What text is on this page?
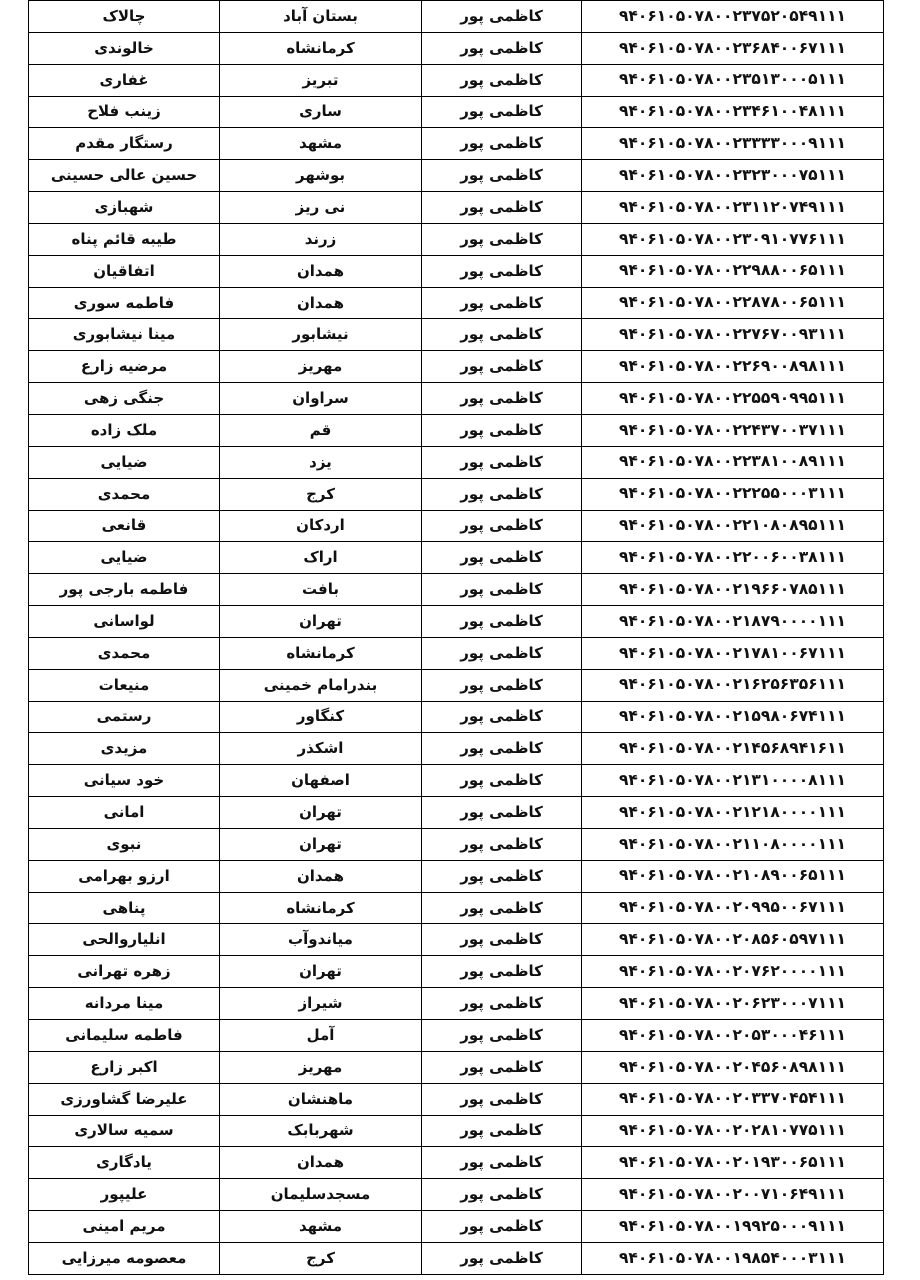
۹۴۰۶۱۰۵۰۷۸۰۰۲۳۷۵۲۰۵۴۹۱۱۱	کاظمی پور	بستان آباد	چالاک
۹۴۰۶۱۰۵۰۷۸۰۰۲۳۶۸۴۰۰۶۷۱۱۱	کاظمی پور	کرمانشاه	خالوندی
۹۴۰۶۱۰۵۰۷۸۰۰۲۳۵۱۳۰۰۰۵۱۱۱	کاظمی پور	تبریز	غفاری
۹۴۰۶۱۰۵۰۷۸۰۰۲۳۴۶۱۰۰۴۸۱۱۱	کاظمی پور	ساری	زینب فلاح
۹۴۰۶۱۰۵۰۷۸۰۰۲۳۳۳۳۰۰۰۹۱۱۱	کاظمی پور	مشهد	رستگار مقدم
۹۴۰۶۱۰۵۰۷۸۰۰۲۳۲۳۰۰۰۷۵۱۱۱	کاظمی پور	بوشهر	حسین عالی حسینی
۹۴۰۶۱۰۵۰۷۸۰۰۲۳۱۱۲۰۷۴۹۱۱۱	کاظمی پور	نی ریز	شهبازی
۹۴۰۶۱۰۵۰۷۸۰۰۲۳۰۹۱۰۷۷۶۱۱۱	کاظمی پور	زرند	طیبه قائم پناه
۹۴۰۶۱۰۵۰۷۸۰۰۲۲۹۸۸۰۰۶۵۱۱۱	کاظمی پور	همدان	اتفاقیان
۹۴۰۶۱۰۵۰۷۸۰۰۲۲۸۷۸۰۰۶۵۱۱۱	کاظمی پور	همدان	فاطمه سوری
۹۴۰۶۱۰۵۰۷۸۰۰۲۲۷۶۷۰۰۹۳۱۱۱	کاظمی پور	نیشابور	مینا نیشابوری
۹۴۰۶۱۰۵۰۷۸۰۰۲۲۶۹۰۰۸۹۸۱۱۱	کاظمی پور	مهریز	مرضیه زارع
۹۴۰۶۱۰۵۰۷۸۰۰۲۲۵۵۹۰۹۹۵۱۱۱	کاظمی پور	سراوان	جنگی زهی
۹۴۰۶۱۰۵۰۷۸۰۰۲۲۴۳۷۰۰۳۷۱۱۱	کاظمی پور	قم	ملک زاده
۹۴۰۶۱۰۵۰۷۸۰۰۲۲۳۸۱۰۰۸۹۱۱۱	کاظمی پور	یزد	ضیایی
۹۴۰۶۱۰۵۰۷۸۰۰۲۲۲۵۵۰۰۰۳۱۱۱	کاظمی پور	کرج	محمدی
۹۴۰۶۱۰۵۰۷۸۰۰۲۲۱۰۸۰۸۹۵۱۱۱	کاظمی پور	اردکان	قانعی
۹۴۰۶۱۰۵۰۷۸۰۰۲۲۰۰۶۰۰۳۸۱۱۱	کاظمی پور	اراک	ضیایی
۹۴۰۶۱۰۵۰۷۸۰۰۲۱۹۶۶۰۷۸۵۱۱۱	کاظمی پور	بافت	فاطمه بارجی پور
۹۴۰۶۱۰۵۰۷۸۰۰۲۱۸۷۹۰۰۰۰۱۱۱	کاظمی پور	تهران	لواسانی
۹۴۰۶۱۰۵۰۷۸۰۰۲۱۷۸۱۰۰۶۷۱۱۱	کاظمی پور	کرمانشاه	محمدی
۹۴۰۶۱۰۵۰۷۸۰۰۲۱۶۲۵۶۳۵۶۱۱۱	کاظمی پور	بندرامام خمینی	منیعات
۹۴۰۶۱۰۵۰۷۸۰۰۲۱۵۹۸۰۶۷۴۱۱۱	کاظمی پور	کنگاور	رستمی
۹۴۰۶۱۰۵۰۷۸۰۰۲۱۴۵۶۸۹۴۱۶۱۱	کاظمی پور	اشکذر	مزیدی
۹۴۰۶۱۰۵۰۷۸۰۰۲۱۳۱۰۰۰۰۸۱۱۱	کاظمی پور	اصفهان	خود سیانی
۹۴۰۶۱۰۵۰۷۸۰۰۲۱۲۱۸۰۰۰۰۱۱۱	کاظمی پور	تهران	امانی
۹۴۰۶۱۰۵۰۷۸۰۰۲۱۱۰۸۰۰۰۰۱۱۱	کاظمی پور	تهران	نبوی
۹۴۰۶۱۰۵۰۷۸۰۰۲۱۰۸۹۰۰۶۵۱۱۱	کاظمی پور	همدان	ارزو بهرامی
۹۴۰۶۱۰۵۰۷۸۰۰۲۰۹۹۵۰۰۶۷۱۱۱	کاظمی پور	کرمانشاه	پناهی
۹۴۰۶۱۰۵۰۷۸۰۰۲۰۸۵۶۰۵۹۷۱۱۱	کاظمی پور	میاندوآب	انلیاروالحی
۹۴۰۶۱۰۵۰۷۸۰۰۲۰۷۶۲۰۰۰۰۱۱۱	کاظمی پور	تهران	زهره تهرانی
۹۴۰۶۱۰۵۰۷۸۰۰۲۰۶۲۳۰۰۰۷۱۱۱	کاظمی پور	شیراز	مینا مردانه
۹۴۰۶۱۰۵۰۷۸۰۰۲۰۵۳۰۰۰۴۶۱۱۱	کاظمی پور	آمل	فاطمه سلیمانی
۹۴۰۶۱۰۵۰۷۸۰۰۲۰۴۵۶۰۸۹۸۱۱۱	کاظمی پور	مهریز	اکبر زارع
۹۴۰۶۱۰۵۰۷۸۰۰۲۰۳۳۷۰۴۵۴۱۱۱	کاظمی پور	ماهنشان	علیرضا گشاورزی
۹۴۰۶۱۰۵۰۷۸۰۰۲۰۲۸۱۰۷۷۵۱۱۱	کاظمی پور	شهربابک	سمیه سالاری
۹۴۰۶۱۰۵۰۷۸۰۰۲۰۱۹۳۰۰۶۵۱۱۱	کاظمی پور	همدان	یادگاری
۹۴۰۶۱۰۵۰۷۸۰۰۲۰۰۷۱۰۶۴۹۱۱۱	کاظمی پور	مسجدسلیمان	علیپور
۹۴۰۶۱۰۵۰۷۸۰۰۱۹۹۲۵۰۰۰۹۱۱۱	کاظمی پور	مشهد	مریم امینی
۹۴۰۶۱۰۵۰۷۸۰۰۱۹۸۵۴۰۰۰۳۱۱۱	کاظمی پور	کرج	معصومه میرزایی
